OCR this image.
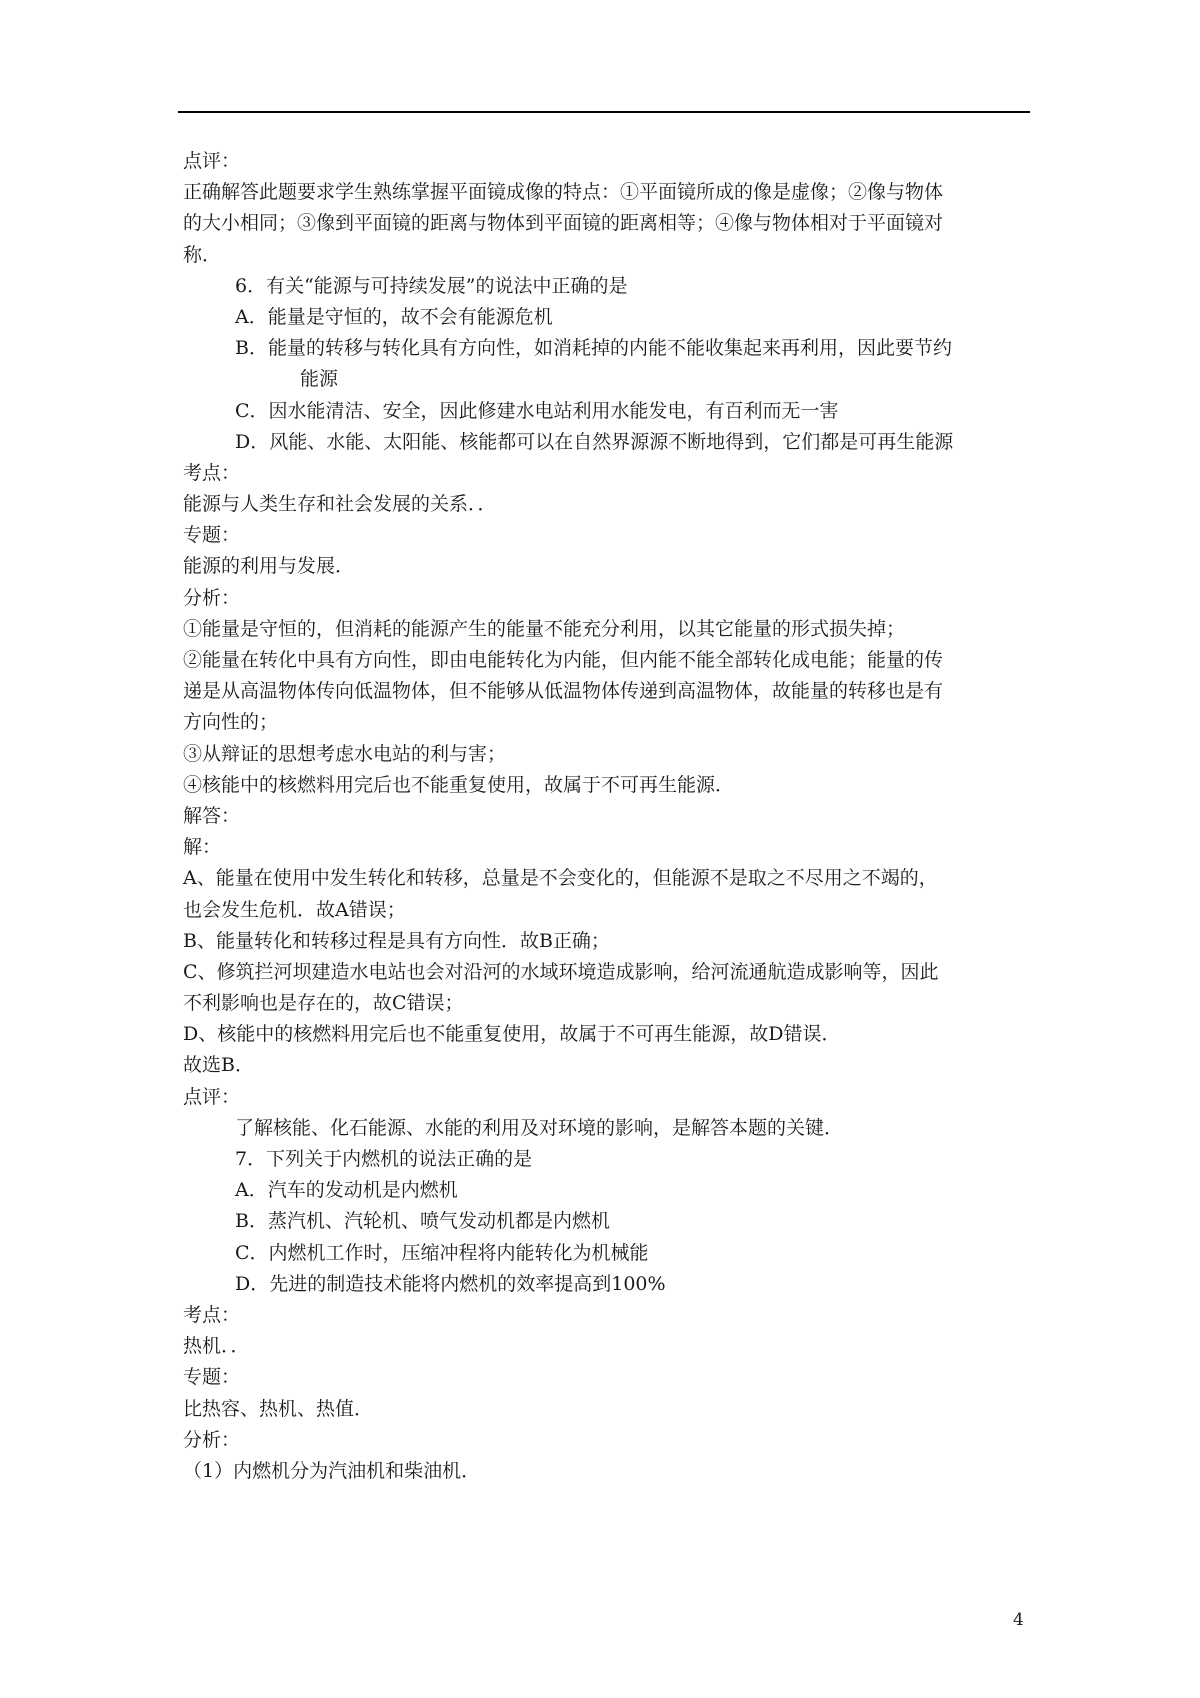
点评：
正确解答此题要求学生熟练掌握平面镜成像的特点：①平面镜所成的像是虚像；②像与物体
的大小相同；③像到平面镜的距离与物体到平面镜的距离相等；④像与物体相对于平面镜对
称．
6．有关“能源与可持续发展”的说法中正确的是
A．能量是守恒的，故不会有能源危机
B．能量的转移与转化具有方向性，如消耗掉的内能不能收集起来再利用，因此要节约
能源
C．因水能清洁、安全，因此修建水电站利用水能发电，有百利而无一害
D．风能、水能、太阳能、核能都可以在自然界源源不断地得到，它们都是可再生能源
考点：
能源与人类生存和社会发展的关系．．
专题：
能源的利用与发展．
分析：
①能量是守恒的，但消耗的能源产生的能量不能充分利用，以其它能量的形式损失掉；
②能量在转化中具有方向性，即由电能转化为内能，但内能不能全部转化成电能；能量的传
递是从高温物体传向低温物体，但不能够从低温物体传递到高温物体，故能量的转移也是有
方向性的；
③从辩证的思想考虑水电站的利与害；
④核能中的核燃料用完后也不能重复使用，故属于不可再生能源．
解答：
解：
A、能量在使用中发生转化和转移，总量是不会变化的，但能源不是取之不尽用之不竭的，
也会发生危机．故A错误；
B、能量转化和转移过程是具有方向性．故B正确；
C、修筑拦河坝建造水电站也会对沿河的水域环境造成影响，给河流通航造成影响等，因此
不利影响也是存在的，故C错误；
D、核能中的核燃料用完后也不能重复使用，故属于不可再生能源，故D错误．
故选B．
点评：
了解核能、化石能源、水能的利用及对环境的影响，是解答本题的关键．
7．下列关于内燃机的说法正确的是
A．汽车的发动机是内燃机
B．蒸汽机、汽轮机、喷气发动机都是内燃机
C．内燃机工作时，压缩冲程将内能转化为机械能
D．先进的制造技术能将内燃机的效率提高到100%
考点：
热机．．
专题：
比热容、热机、热值．
分析：
（1）内燃机分为汽油机和柴油机．
4
